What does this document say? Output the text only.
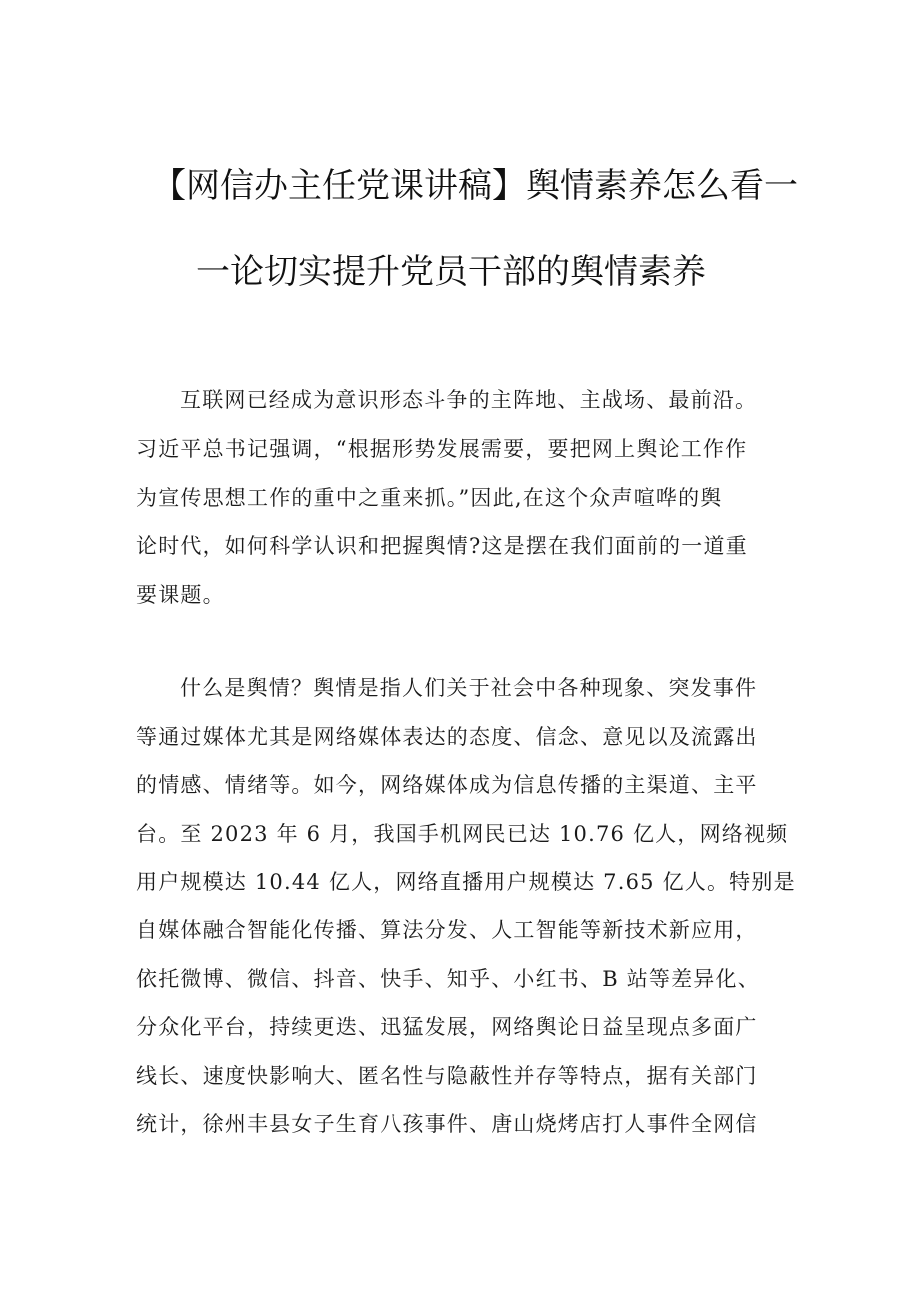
【网信办主任党课讲稿】舆情素养怎么看一
一论切实提升党员干部的舆情素养
互联网已经成为意识形态斗争的主阵地、主战场、最前沿。
习近平总书记强调，“根据形势发展需要，要把网上舆论工作作
为宣传思想工作的重中之重来抓。”因此,在这个众声喧哗的舆
论时代，如何科学认识和把握舆情?这是摆在我们面前的一道重
要课题。
什么是舆情？舆情是指人们关于社会中各种现象、突发事件
等通过媒体尤其是网络媒体表达的态度、信念、意见以及流露出
的情感、情绪等。如今，网络媒体成为信息传播的主渠道、主平
台。至 2023 年 6 月，我国手机网民已达 10.76 亿人，网络视频
用户规模达 10.44 亿人，网络直播用户规模达 7.65 亿人。特别是
自媒体融合智能化传播、算法分发、人工智能等新技术新应用，
依托微博、微信、抖音、快手、知乎、小红书、B 站等差异化、
分众化平台，持续更迭、迅猛发展，网络舆论日益呈现点多面广
线长、速度快影响大、匿名性与隐蔽性并存等特点，据有关部门
统计，徐州丰县女子生育八孩事件、唐山烧烤店打人事件全网信
